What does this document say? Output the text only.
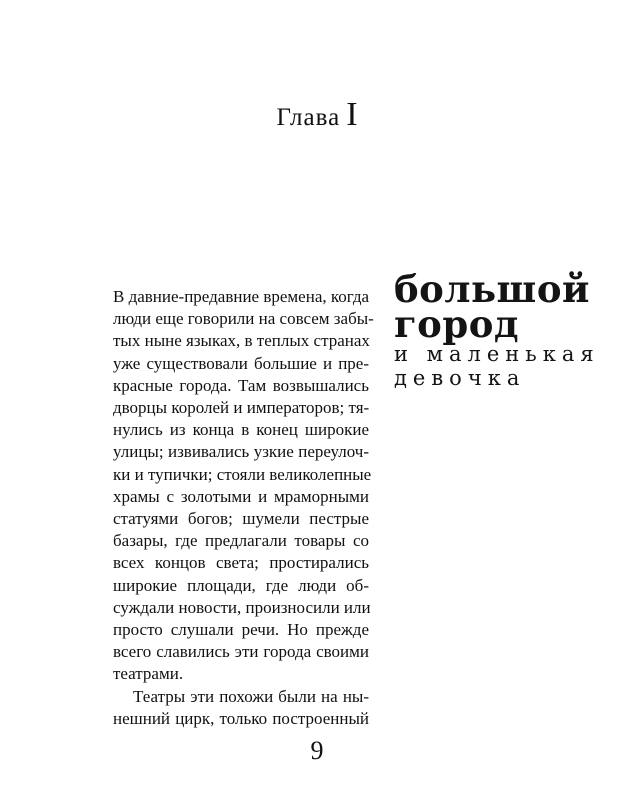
Глава I
большой
город
и маленькая
девочка
В давние-предавние времена, когда
люди еще говорили на совсем забы-
тых ныне языках, в теплых странах
уже существовали большие и пре-
красные города. Там возвышались
дворцы королей и императоров; тя-
нулись из конца в конец широкие
улицы; извивались узкие переулоч-
ки и тупички; стояли великолепные
храмы с золотыми и мраморными
статуями богов; шумели пестрые
базары, где предлагали товары со
всех концов света; простирались
широкие площади, где люди об-
суждали новости, произносили или
просто слушали речи. Но прежде
всего славились эти города своими
театрами.
Театры эти похожи были на ны-
нешний цирк, только построенный
9
